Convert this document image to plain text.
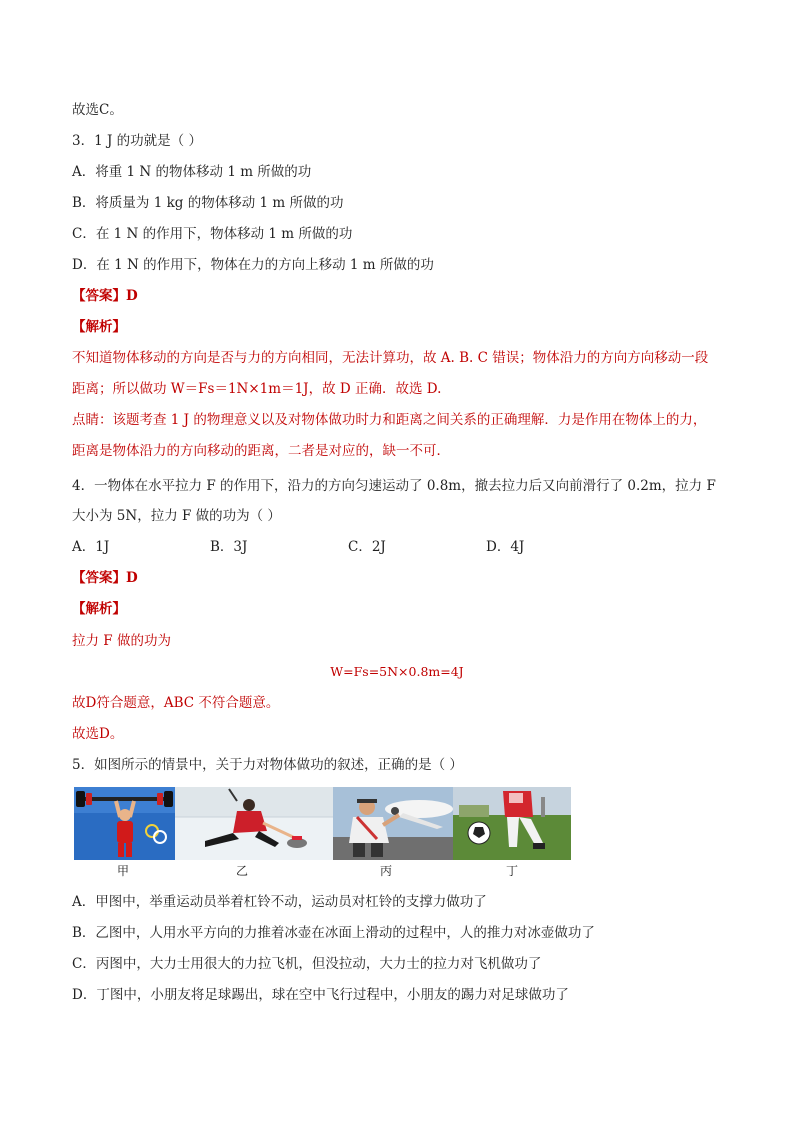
故选C。
3．1 J 的功就是（ ）
A．将重 1 N 的物体移动 1 m 所做的功
B．将质量为 1 kg 的物体移动 1 m 所做的功
C．在 1 N 的作用下，物体移动 1 m 所做的功
D．在 1 N 的作用下，物体在力的方向上移动 1 m 所做的功
【答案】D
【解析】
不知道物体移动的方向是否与力的方向相同，无法计算功，故 A. B. C 错误；物体沿力的方向方向移动一段
距离；所以做功 W＝Fs＝1N×1m＝1J，故 D 正确．故选 D.
点睛：该题考查 1 J 的物理意义以及对物体做功时力和距离之间关系的正确理解．力是作用在物体上的力，
距离是物体沿力的方向移动的距离，二者是对应的，缺一不可．
4．一物体在水平拉力 F 的作用下，沿力的方向匀速运动了 0.8m，撤去拉力后又向前滑行了 0.2m，拉力 F
大小为 5N，拉力 F 做的功为（ ）
A．1J	B．3J	C．2J	D．4J
【答案】D
【解析】
拉力 F 做的功为
W=Fs=5N×0.8m=4J
故D符合题意，ABC 不符合题意。
故选D。
5．如图所示的情景中，关于力对物体做功的叙述，正确的是（ ）
甲	乙	丙	丁
A．甲图中，举重运动员举着杠铃不动，运动员对杠铃的支撑力做功了
B．乙图中，人用水平方向的力推着冰壶在冰面上滑动的过程中，人的推力对冰壶做功了
C．丙图中，大力士用很大的力拉飞机，但没拉动，大力士的拉力对飞机做功了
D．丁图中，小朋友将足球踢出，球在空中飞行过程中，小朋友的踢力对足球做功了
